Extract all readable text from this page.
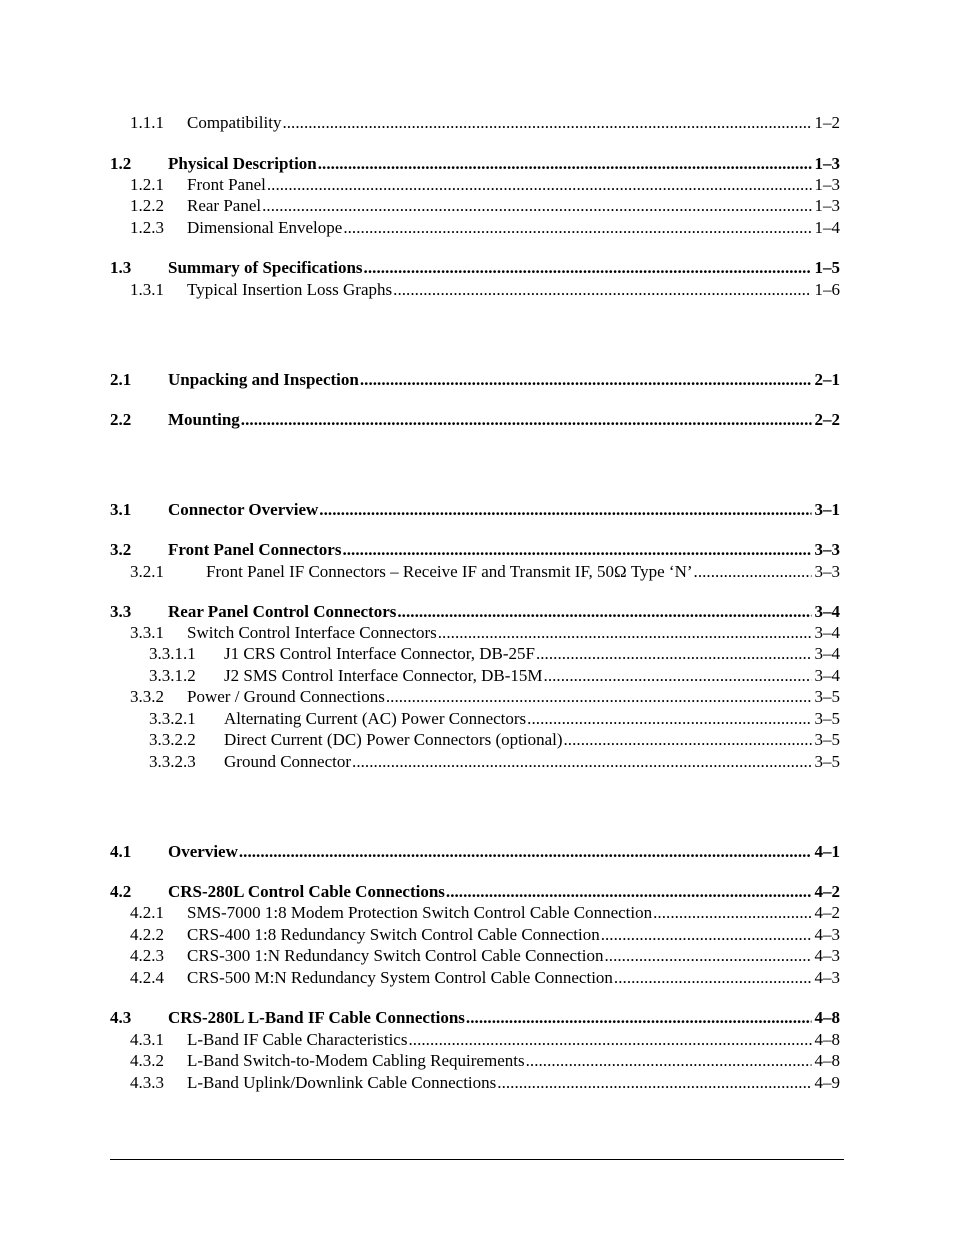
1.1.1 Compatibility . . .	1–2
1.2 Physical Description . . .	1–3
1.2.1 Front Panel . . .	1–3
1.2.2 Rear Panel . . .	1–3
1.2.3 Dimensional Envelope . . .	1–4
1.3 Summary of Specifications . . .	1–5
1.3.1 Typical Insertion Loss Graphs . . .	1–6
2.1 Unpacking and Inspection . . .	2–1
2.2 Mounting . . .	2–2
3.1 Connector Overview . . .	3–1
3.2 Front Panel Connectors . . .	3–3
3.2.1 Front Panel IF Connectors – Receive IF and Transmit IF, 50Ω Type ‘N’ . . .	3–3
3.3 Rear Panel Control Connectors . . .	3–4
3.3.1 Switch Control Interface Connectors . . .	3–4
3.3.1.1 J1 CRS Control Interface Connector, DB-25F . . .	3–4
3.3.1.2 J2 SMS Control Interface Connector, DB-15M . . .	3–4
3.3.2 Power / Ground Connections . . .	3–5
3.3.2.1 Alternating Current (AC) Power Connectors . . .	3–5
3.3.2.2 Direct Current (DC) Power Connectors (optional) . . .	3–5
3.3.2.3 Ground Connector . . .	3–5
4.1 Overview . . .	4–1
4.2 CRS-280L Control Cable Connections . . .	4–2
4.2.1 SMS-7000 1:8 Modem Protection Switch Control Cable Connection . . .	4–2
4.2.2 CRS-400 1:8 Redundancy Switch Control Cable Connection . . .	4–3
4.2.3 CRS-300 1:N Redundancy Switch Control Cable Connection . . .	4–3
4.2.4 CRS-500 M:N Redundancy System Control Cable Connection . . .	4–3
4.3 CRS-280L L-Band IF Cable Connections . . .	4–8
4.3.1 L-Band IF Cable Characteristics . . .	4–8
4.3.2 L-Band Switch-to-Modem Cabling Requirements . . .	4–8
4.3.3 L-Band Uplink/Downlink Cable Connections . . .	4–9
